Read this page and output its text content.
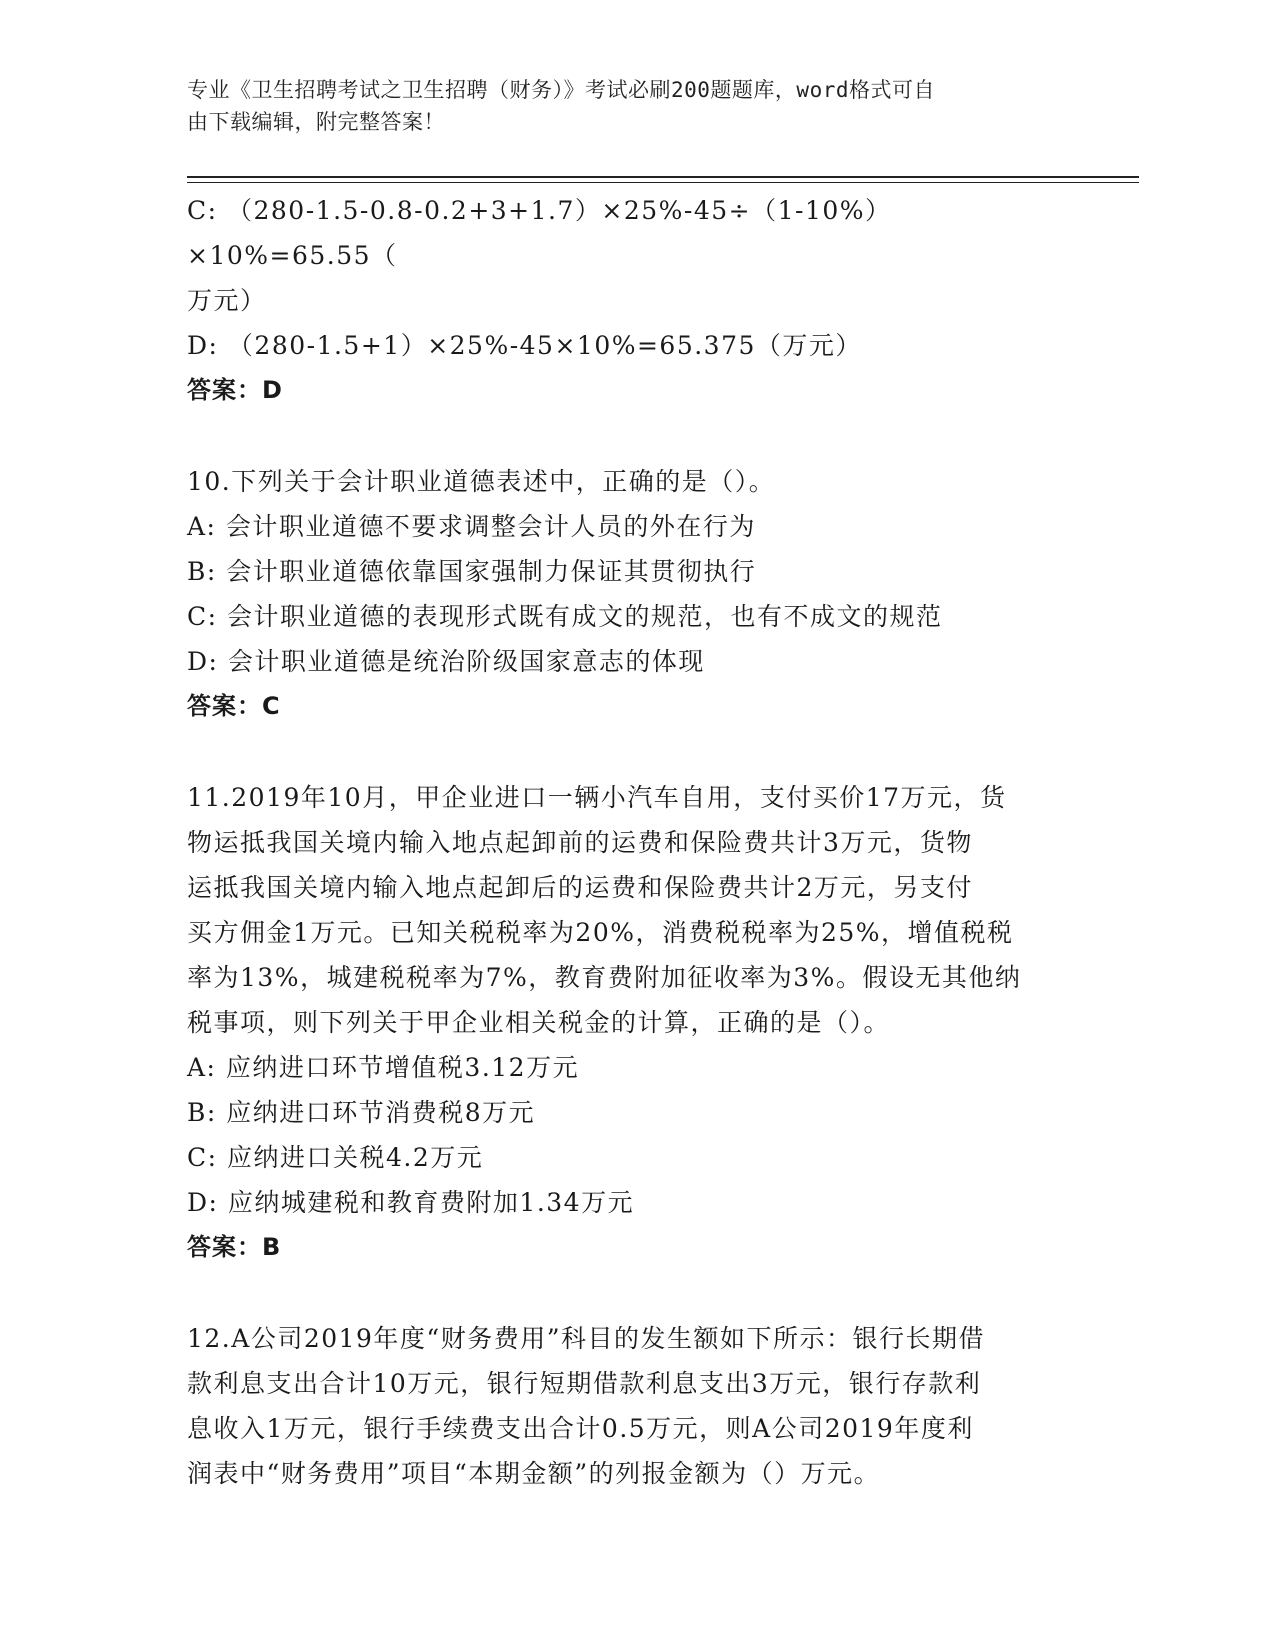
专业《卫生招聘考试之卫生招聘（财务）》考试必刷200题题库，word格式可自
由下载编辑，附完整答案！
C: （280-1.5-0.8-0.2+3+1.7）×25%-45÷（1-10%）×10%=65.55（
万元）
D: （280-1.5+1）×25%-45×10%=65.375（万元）
答案：D
10.下列关于会计职业道德表述中，正确的是（）。
A: 会计职业道德不要求调整会计人员的外在行为
B: 会计职业道德依靠国家强制力保证其贯彻执行
C: 会计职业道德的表现形式既有成文的规范，也有不成文的规范
D: 会计职业道德是统治阶级国家意志的体现
答案：C
11.2019年10月，甲企业进口一辆小汽车自用，支付买价17万元，货
物运抵我国关境内输入地点起卸前的运费和保险费共计3万元，货物
运抵我国关境内输入地点起卸后的运费和保险费共计2万元，另支付
买方佣金1万元。已知关税税率为20%，消费税税率为25%，增值税税
率为13%，城建税税率为7%，教育费附加征收率为3%。假设无其他纳
税事项，则下列关于甲企业相关税金的计算，正确的是（）。
A: 应纳进口环节增值税3.12万元
B: 应纳进口环节消费税8万元
C: 应纳进口关税4.2万元
D: 应纳城建税和教育费附加1.34万元
答案：B
12.A公司2019年度“财务费用”科目的发生额如下所示：银行长期借
款利息支出合计10万元，银行短期借款利息支出3万元，银行存款利
息收入1万元，银行手续费支出合计0.5万元，则A公司2019年度利
润表中“财务费用”项目“本期金额”的列报金额为（）万元。
